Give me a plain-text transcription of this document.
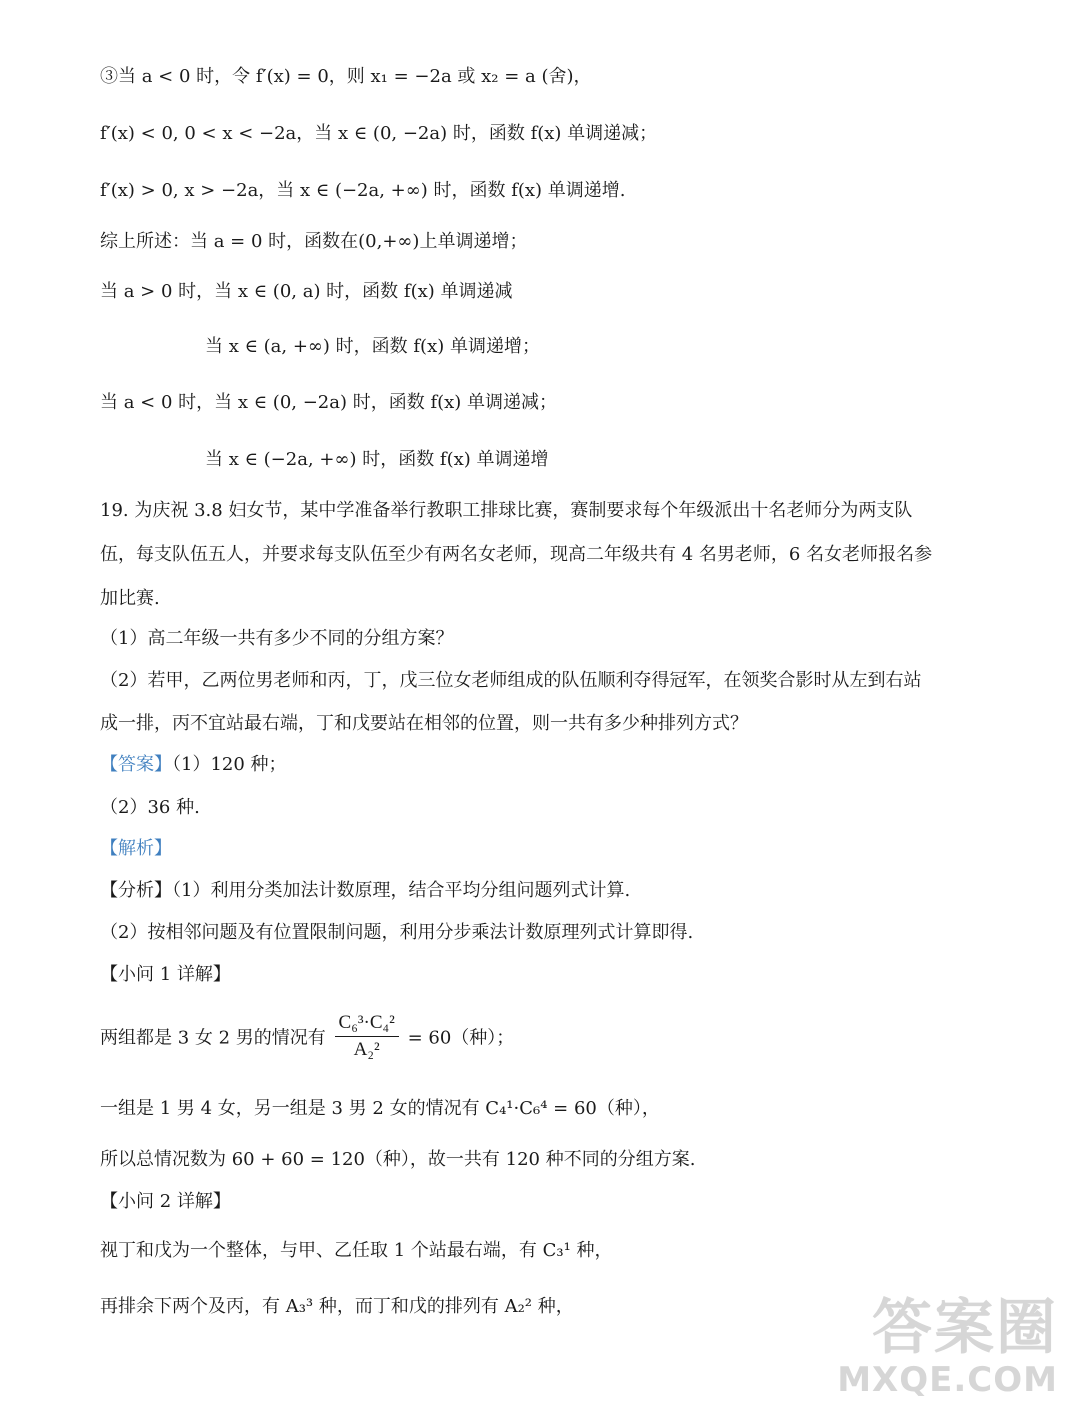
③当 a < 0 时，令 f′(x) = 0，则 x₁ = −2a 或 x₂ = a (舍)，
f′(x) < 0, 0 < x < −2a，当 x ∈ (0, −2a) 时，函数 f(x) 单调递减；
f′(x) > 0, x > −2a，当 x ∈ (−2a, +∞) 时，函数 f(x) 单调递增.
综上所述：当 a = 0 时，函数在(0,+∞)上单调递增；
当 a > 0 时，当 x ∈ (0, a) 时，函数 f(x) 单调递减
当 x ∈ (a, +∞) 时，函数 f(x) 单调递增；
当 a < 0 时，当 x ∈ (0, −2a) 时，函数 f(x) 单调递减；
当 x ∈ (−2a, +∞) 时，函数 f(x) 单调递增
19. 为庆祝 3.8 妇女节，某中学准备举行教职工排球比赛，赛制要求每个年级派出十名老师分为两支队
伍，每支队伍五人，并要求每支队伍至少有两名女老师，现高二年级共有 4 名男老师，6 名女老师报名参
加比赛.
（1）高二年级一共有多少不同的分组方案？
（2）若甲，乙两位男老师和丙，丁，戊三位女老师组成的队伍顺利夺得冠军，在领奖合影时从左到右站
成一排，丙不宜站最右端，丁和戊要站在相邻的位置，则一共有多少种排列方式？
【答案】（1）120 种；
（2）36 种.
【解析】
【分析】（1）利用分类加法计数原理，结合平均分组问题列式计算.
（2）按相邻问题及有位置限制问题，利用分步乘法计数原理列式计算即得.
【小问 1 详解】
两组都是 3 女 2 男的情况有 $\frac{\text{C₆³·C₄²}}{\text{A₂²}} = 60$（种）；
一组是 1 男 4 女，另一组是 3 男 2 女的情况有 C₄¹·C₆⁴ = 60（种），
所以总情况数为 60 + 60 = 120（种），故一共有 120 种不同的分组方案.
【小问 2 详解】
视丁和戊为一个整体，与甲、乙任取 1 个站最右端，有 C₃¹ 种，
再排余下两个及丙，有 A₃³ 种，而丁和戊的排列有 A₂² 种，	答案圈
MXQE.COM
